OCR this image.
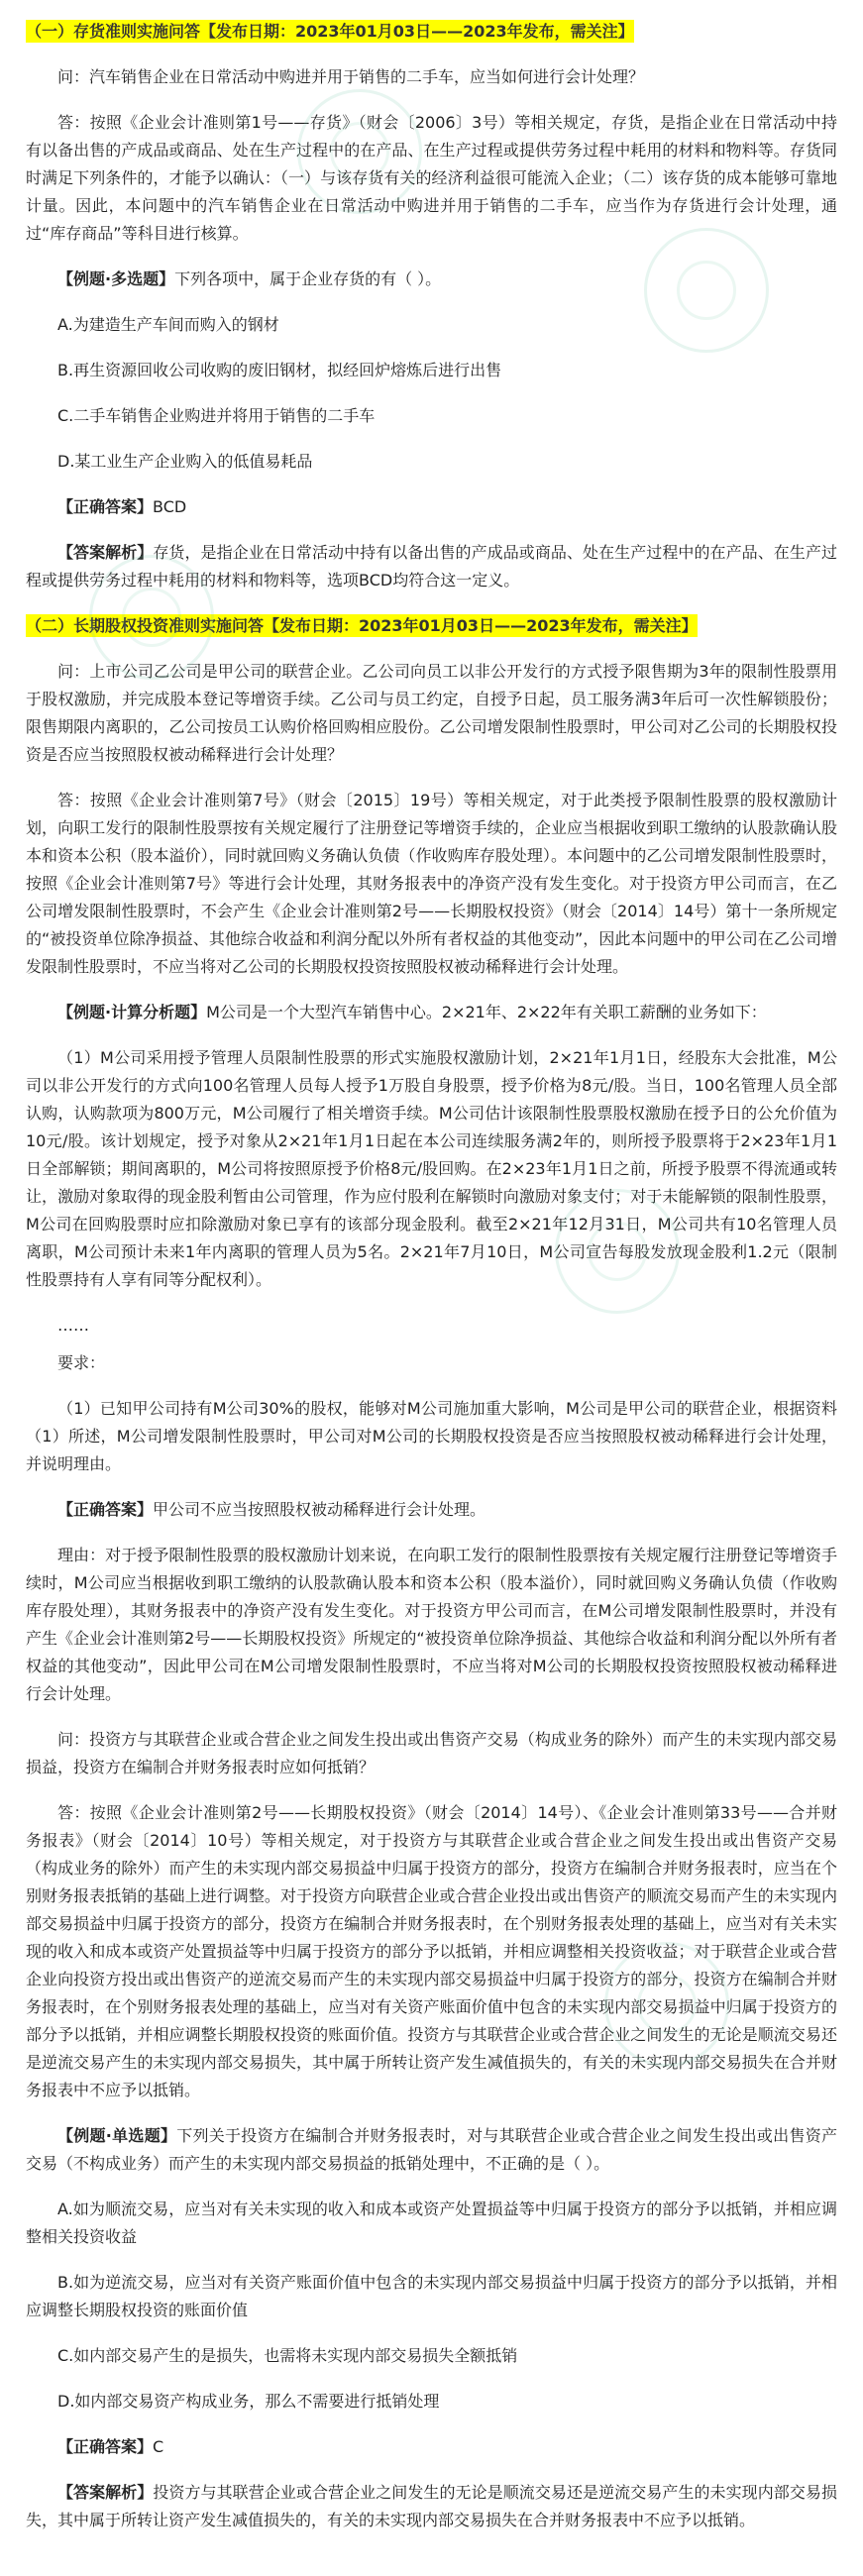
（一）存货准则实施问答【发布日期：2023年01月03日——2023年发布，需关注】

问：汽车销售企业在日常活动中购进并用于销售的二手车，应当如何进行会计处理？

答：按照《企业会计准则第1号——存货》（财会〔2006〕3号）等相关规定，存货，是指企业在日常活动中持有以备出售的产成品或商品、处在生产过程中的在产品、在生产过程或提供劳务过程中耗用的材料和物料等。存货同时满足下列条件的，才能予以确认：（一）与该存货有关的经济利益很可能流入企业；（二）该存货的成本能够可靠地计量。因此，本问题中的汽车销售企业在日常活动中购进并用于销售的二手车，应当作为存货进行会计处理，通过“库存商品”等科目进行核算。

【例题·多选题】下列各项中，属于企业存货的有（ ）。

A.为建造生产车间而购入的钢材

B.再生资源回收公司收购的废旧钢材，拟经回炉熔炼后进行出售

C.二手车销售企业购进并将用于销售的二手车

D.某工业生产企业购入的低值易耗品

【正确答案】BCD

【答案解析】存货，是指企业在日常活动中持有以备出售的产成品或商品、处在生产过程中的在产品、在生产过程或提供劳务过程中耗用的材料和物料等，选项BCD均符合这一定义。

（二）长期股权投资准则实施问答【发布日期：2023年01月03日——2023年发布，需关注】

问：上市公司乙公司是甲公司的联营企业。乙公司向员工以非公开发行的方式授予限售期为3年的限制性股票用于股权激励，并完成股本登记等增资手续。乙公司与员工约定，自授予日起，员工服务满3年后可一次性解锁股份；限售期限内离职的，乙公司按员工认购价格回购相应股份。乙公司增发限制性股票时，甲公司对乙公司的长期股权投资是否应当按照股权被动稀释进行会计处理？

答：按照《企业会计准则第7号》（财会〔2015〕19号）等相关规定，对于此类授予限制性股票的股权激励计划，向职工发行的限制性股票按有关规定履行了注册登记等增资手续的，企业应当根据收到职工缴纳的认股款确认股本和资本公积（股本溢价），同时就回购义务确认负债（作收购库存股处理）。本问题中的乙公司增发限制性股票时，按照《企业会计准则第7号》等进行会计处理，其财务报表中的净资产没有发生变化。对于投资方甲公司而言，在乙公司增发限制性股票时，不会产生《企业会计准则第2号——长期股权投资》（财会〔2014〕14号）第十一条所规定的“被投资单位除净损益、其他综合收益和利润分配以外所有者权益的其他变动”，因此本问题中的甲公司在乙公司增发限制性股票时，不应当将对乙公司的长期股权投资按照股权被动稀释进行会计处理。

【例题·计算分析题】M公司是一个大型汽车销售中心。2×21年、2×22年有关职工薪酬的业务如下：

（1）M公司采用授予管理人员限制性股票的形式实施股权激励计划，2×21年1月1日，经股东大会批准，M公司以非公开发行的方式向100名管理人员每人授予1万股自身股票，授予价格为8元/股。当日，100名管理人员全部认购，认购款项为800万元，M公司履行了相关增资手续。M公司估计该限制性股票股权激励在授予日的公允价值为10元/股。该计划规定，授予对象从2×21年1月1日起在本公司连续服务满2年的，则所授予股票将于2×23年1月1日全部解锁；期间离职的，M公司将按照原授予价格8元/股回购。在2×23年1月1日之前，所授予股票不得流通或转让，激励对象取得的现金股利暂由公司管理，作为应付股利在解锁时向激励对象支付；对于未能解锁的限制性股票，M公司在回购股票时应扣除激励对象已享有的该部分现金股利。截至2×21年12月31日，M公司共有10名管理人员离职，M公司预计未来1年内离职的管理人员为5名。2×21年7月10日，M公司宣告每股发放现金股利1.2元（限制性股票持有人享有同等分配权利）。

……

要求：

（1）已知甲公司持有M公司30%的股权，能够对M公司施加重大影响，M公司是甲公司的联营企业，根据资料（1）所述，M公司增发限制性股票时，甲公司对M公司的长期股权投资是否应当按照股权被动稀释进行会计处理，并说明理由。

【正确答案】甲公司不应当按照股权被动稀释进行会计处理。

理由：对于授予限制性股票的股权激励计划来说，在向职工发行的限制性股票按有关规定履行注册登记等增资手续时，M公司应当根据收到职工缴纳的认股款确认股本和资本公积（股本溢价），同时就回购义务确认负债（作收购库存股处理），其财务报表中的净资产没有发生变化。对于投资方甲公司而言，在M公司增发限制性股票时，并没有产生《企业会计准则第2号——长期股权投资》所规定的“被投资单位除净损益、其他综合收益和利润分配以外所有者权益的其他变动”，因此甲公司在M公司增发限制性股票时，不应当将对M公司的长期股权投资按照股权被动稀释进行会计处理。

问：投资方与其联营企业或合营企业之间发生投出或出售资产交易（构成业务的除外）而产生的未实现内部交易损益，投资方在编制合并财务报表时应如何抵销？

答：按照《企业会计准则第2号——长期股权投资》（财会〔2014〕14号）、《企业会计准则第33号——合并财务报表》（财会〔2014〕10号）等相关规定，对于投资方与其联营企业或合营企业之间发生投出或出售资产交易（构成业务的除外）而产生的未实现内部交易损益中归属于投资方的部分，投资方在编制合并财务报表时，应当在个别财务报表抵销的基础上进行调整。对于投资方向联营企业或合营企业投出或出售资产的顺流交易而产生的未实现内部交易损益中归属于投资方的部分，投资方在编制合并财务报表时，在个别财务报表处理的基础上，应当对有关未实现的收入和成本或资产处置损益等中归属于投资方的部分予以抵销，并相应调整相关投资收益；对于联营企业或合营企业向投资方投出或出售资产的逆流交易而产生的未实现内部交易损益中归属于投资方的部分，投资方在编制合并财务报表时，在个别财务报表处理的基础上，应当对有关资产账面价值中包含的未实现内部交易损益中归属于投资方的部分予以抵销，并相应调整长期股权投资的账面价值。投资方与其联营企业或合营企业之间发生的无论是顺流交易还是逆流交易产生的未实现内部交易损失，其中属于所转让资产发生减值损失的，有关的未实现内部交易损失在合并财务报表中不应予以抵销。

【例题·单选题】下列关于投资方在编制合并财务报表时，对与其联营企业或合营企业之间发生投出或出售资产交易（不构成业务）而产生的未实现内部交易损益的抵销处理中，不正确的是（ ）。

A.如为顺流交易，应当对有关未实现的收入和成本或资产处置损益等中归属于投资方的部分予以抵销，并相应调整相关投资收益

B.如为逆流交易，应当对有关资产账面价值中包含的未实现内部交易损益中归属于投资方的部分予以抵销，并相应调整长期股权投资的账面价值

C.如内部交易产生的是损失，也需将未实现内部交易损失全额抵销

D.如内部交易资产构成业务，那么不需要进行抵销处理

【正确答案】C

【答案解析】投资方与其联营企业或合营企业之间发生的无论是顺流交易还是逆流交易产生的未实现内部交易损失，其中属于所转让资产发生减值损失的，有关的未实现内部交易损失在合并财务报表中不应予以抵销。
